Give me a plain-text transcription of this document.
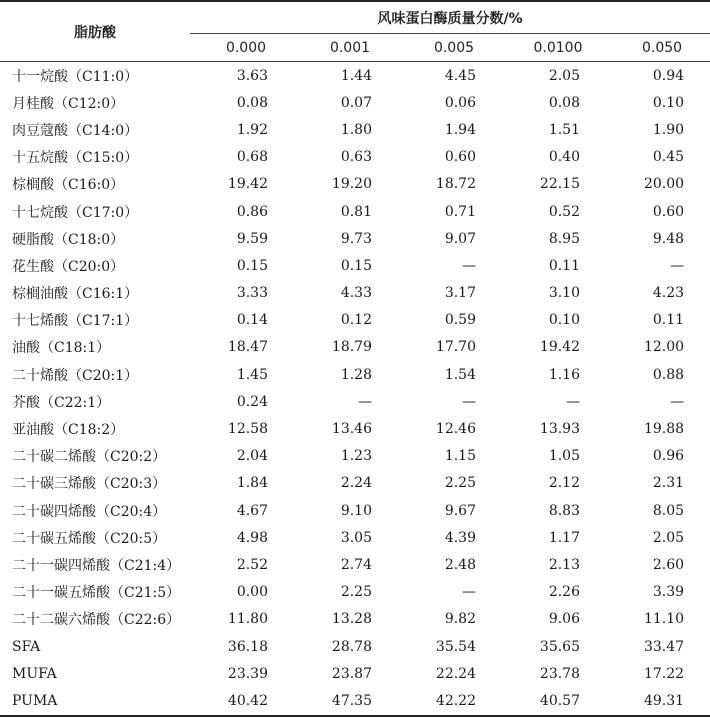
脂肪酸	风味蛋白酶质量分数/%				
	0.000	0.001	0.005	0.0100	0.050
十一烷酸（C11:0）	3.63	1.44	4.45	2.05	0.94
月桂酸（C12:0）	0.08	0.07	0.06	0.08	0.10
肉豆蔻酸（C14:0）	1.92	1.80	1.94	1.51	1.90
十五烷酸（C15:0）	0.68	0.63	0.60	0.40	0.45
棕榈酸（C16:0）	19.42	19.20	18.72	22.15	20.00
十七烷酸（C17:0）	0.86	0.81	0.71	0.52	0.60
硬脂酸（C18:0）	9.59	9.73	9.07	8.95	9.48
花生酸（C20:0）	0.15	0.15	—	0.11	—
棕榈油酸（C16:1）	3.33	4.33	3.17	3.10	4.23
十七烯酸（C17:1）	0.14	0.12	0.59	0.10	0.11
油酸（C18:1）	18.47	18.79	17.70	19.42	12.00
二十烯酸（C20:1）	1.45	1.28	1.54	1.16	0.88
芥酸（C22:1）	0.24	—	—	—	—
亚油酸（C18:2）	12.58	13.46	12.46	13.93	19.88
二十碳二烯酸（C20:2）	2.04	1.23	1.15	1.05	0.96
二十碳三烯酸（C20:3）	1.84	2.24	2.25	2.12	2.31
二十碳四烯酸（C20:4）	4.67	9.10	9.67	8.83	8.05
二十碳五烯酸（C20:5）	4.98	3.05	4.39	1.17	2.05
二十一碳四烯酸（C21:4）	2.52	2.74	2.48	2.13	2.60
二十一碳五烯酸（C21:5）	0.00	2.25	—	2.26	3.39
二十二碳六烯酸（C22:6）	11.80	13.28	9.82	9.06	11.10
SFA	36.18	28.78	35.54	35.65	33.47
MUFA	23.39	23.87	22.24	23.78	17.22
PUMA	40.42	47.35	42.22	40.57	49.31
